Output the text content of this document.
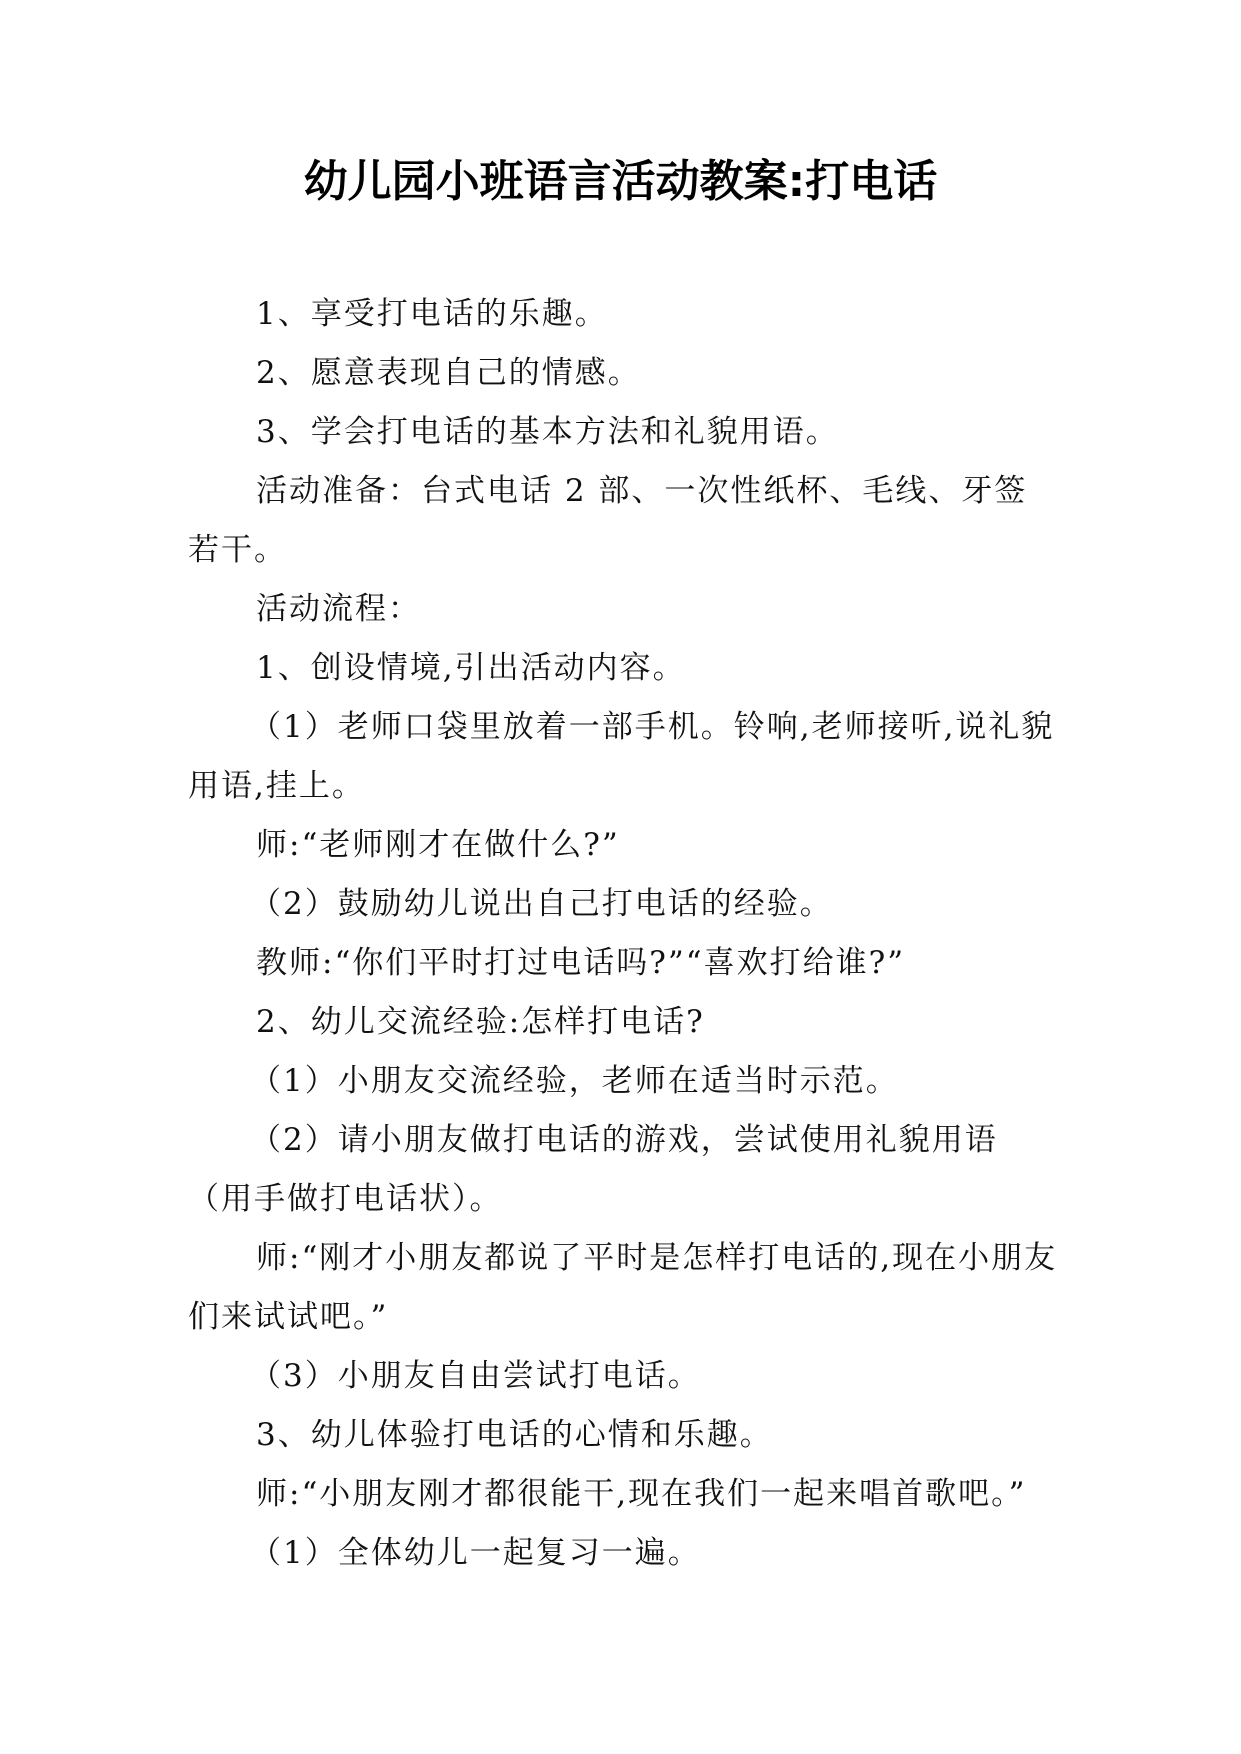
幼儿园小班语言活动教案:打电话

1、享受打电话的乐趣。

2、愿意表现自己的情感。

3、学会打电话的基本方法和礼貌用语。

活动准备：台式电话 2 部、一次性纸杯、毛线、牙签若干。

活动流程：

1、创设情境,引出活动内容。

（1）老师口袋里放着一部手机。铃响,老师接听,说礼貌用语,挂上。

师:“老师刚才在做什么?”

（2）鼓励幼儿说出自己打电话的经验。

教师:“你们平时打过电话吗?”“喜欢打给谁?”

2、幼儿交流经验:怎样打电话?

（1）小朋友交流经验，老师在适当时示范。

（2）请小朋友做打电话的游戏，尝试使用礼貌用语（用手做打电话状）。

师:“刚才小朋友都说了平时是怎样打电话的,现在小朋友们来试试吧。”

（3）小朋友自由尝试打电话。

3、幼儿体验打电话的心情和乐趣。

师:“小朋友刚才都很能干,现在我们一起来唱首歌吧。”

（1）全体幼儿一起复习一遍。
